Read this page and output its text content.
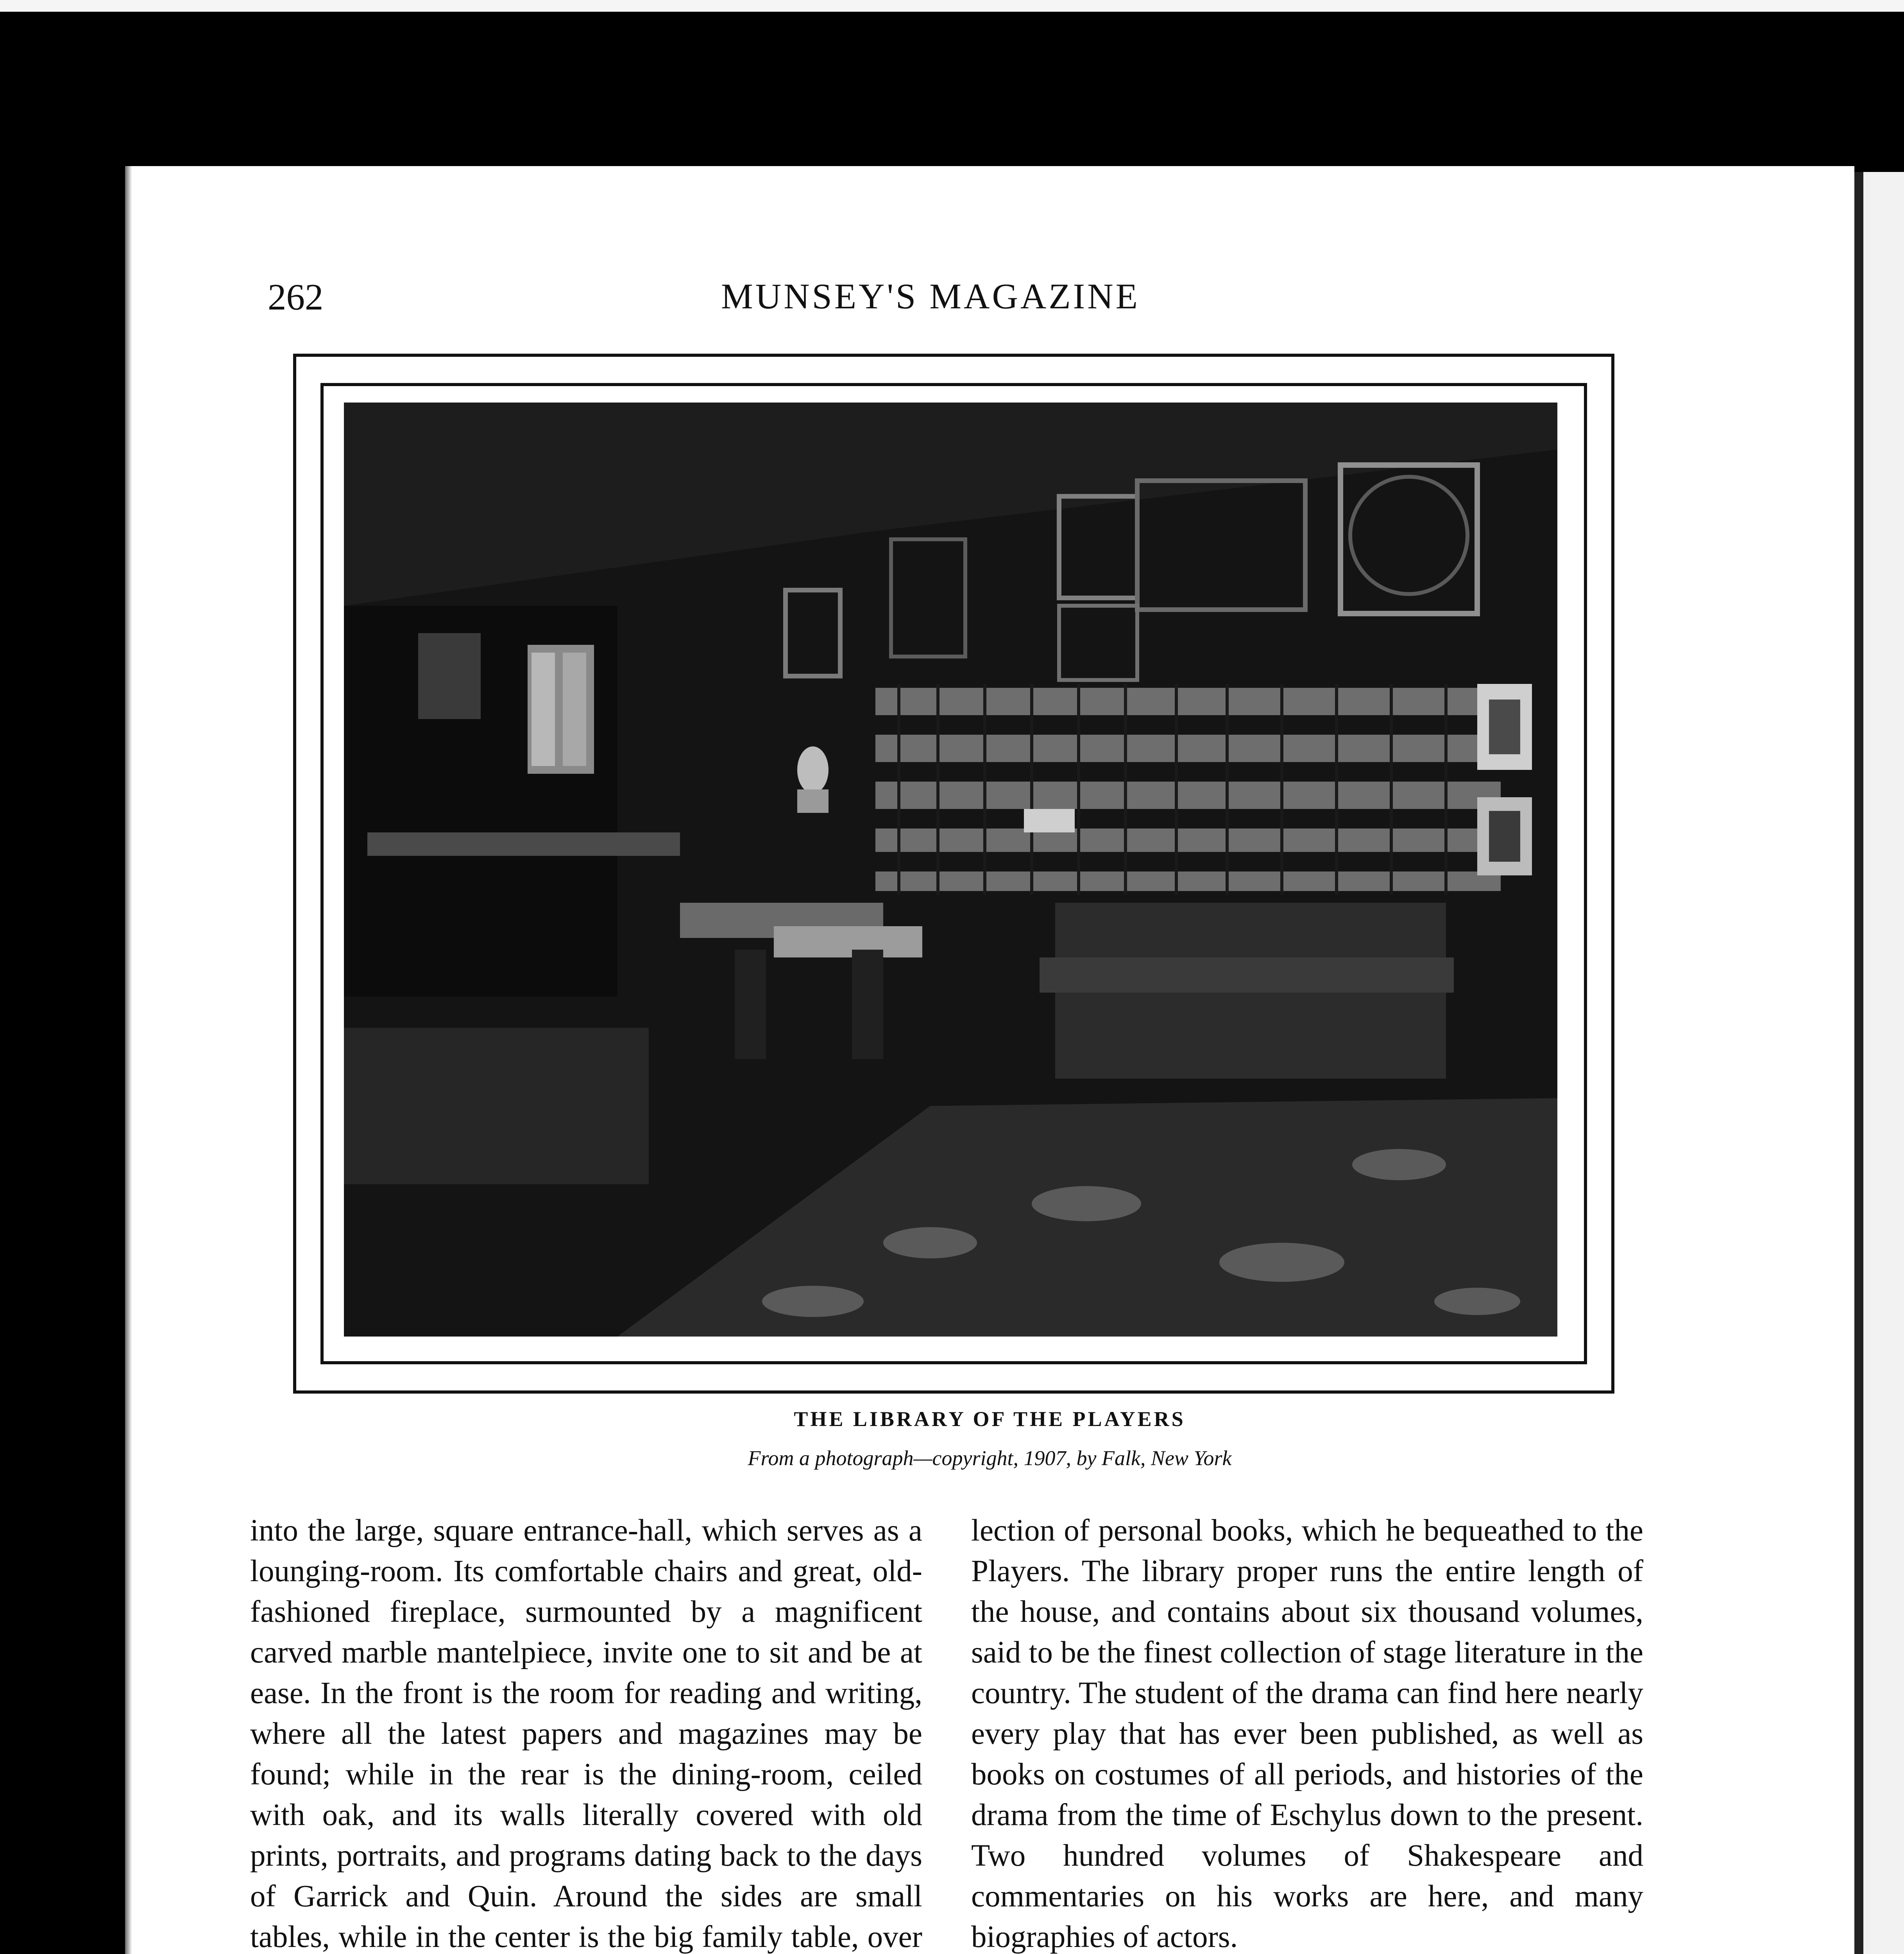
262	MUNSEY'S MAGAZINE
THE LIBRARY OF THE PLAYERS
From a photograph—copyright, 1907, by Falk, New York

into the large, square entrance-hall, which serves as a lounging-room. Its comfortable chairs and great, old-fashioned fireplace, surmounted by a magnificent carved marble mantelpiece, invite one to sit and be at ease. In the front is the room for reading and writing, where all the latest papers and magazines may be found; while in the rear is the dining-room, ceiled with oak, and its walls literally covered with old prints, portraits, and programs dating back to the days of Garrick and Quin. Around the sides are small tables, while in the center is the big family table, over

lection of personal books, which he bequeathed to the Players. The library proper runs the entire length of the house, and contains about six thousand volumes, said to be the finest collection of stage literature in the country. The student of the drama can find here nearly every play that has ever been published, as well as books on costumes of all periods, and histories of the drama from the time of Eschylus down to the present. Two hundred volumes of Shakespeare and commentaries on his works are here, and many biographies of actors.
